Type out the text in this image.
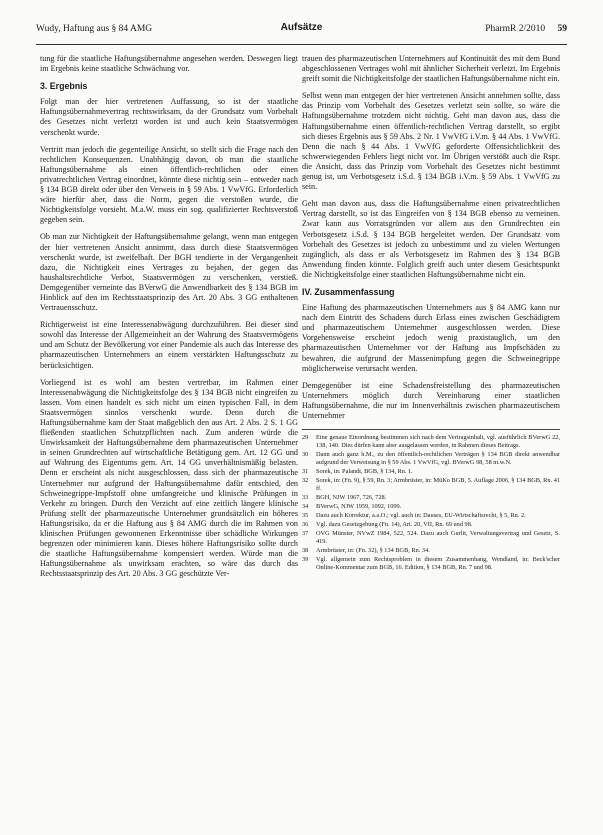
Wudy, Haftung aus § 84 AMG	Aufsätze	PharmR 2/2010 59

tung für die staatliche Haftungsübernahme angesehen werden. Deswegen liegt im Ergebnis keine staatliche Schwächung vor.

3. Ergebnis

Folgt man der hier vertretenen Auffassung, so ist der staatliche Haftungsübernahmevertrag rechtswirksam, da der Grundsatz vom Vorbehalt des Gesetzes nicht verletzt worden ist und auch kein Staatsvermögen verschenkt wurde.

Vertritt man jedoch die gegenteilige Ansicht, so stellt sich die Frage nach den rechtlichen Konsequenzen. Unabhängig davon, ob man die staatliche Haftungsübernahme als einen öffentlich-rechtlichen oder einen privatrechtlichen Vertrag einordnet, könnte diese nichtig sein – entweder nach § 134 BGB direkt oder über den Verweis in § 59 Abs. 1 VwVfG. Erforderlich wäre hierfür aber, dass die Norm, gegen die verstoßen wurde, die Nichtigkeitsfolge vorsieht. M.a.W. muss ein sog. qualifizierter Rechtsverstoß gegeben sein.

Ob man zur Nichtigkeit der Haftungsübernahme gelangt, wenn man entgegen der hier vertretenen Ansicht annimmt, dass durch diese Staatsvermögen verschenkt wurde, ist zweifelhaft. Der BGH tendierte in der Vergangenheit dazu, die Nichtigkeit eines Vertrages zu bejahen, der gegen das haushaltsrechtliche Verbot, Staatsvermögen zu verschenken, verstieß. Demgegenüber verneinte das BVerwG die Anwendbarkeit des § 134 BGB im Hinblick auf den im Rechtsstaatsprinzip des Art. 20 Abs. 3 GG enthaltenen Vertrauensschutz.

Richtigerweist ist eine Interessenabwägung durchzuführen. Bei dieser sind sowohl das Interesse der Allgemeinheit an der Wahrung des Staatsvermögens und am Schutz der Bevölkerung vor einer Pandemie als auch das Interesse des pharmazeutischen Unternehmers an einem verstärkten Haftungsschutz zu berücksichtigen.

Vorliegend ist es wohl am besten vertretbar, im Rahmen einer Interessenabwägung die Nichtigkeitsfolge des § 134 BGB nicht eingreifen zu lassen. Vom einen handelt es sich nicht um einen typischen Fall, in dem Staatsvermögen sinnlos verschenkt wurde. Denn durch die Haftungsübernahme kam der Staat maßgeblich den aus Art. 2 Abs. 2 S. 1 GG fließenden staatlichen Schutzpflichten nach. Zum anderen würde die Unwirksamkeit der Haftungsübernahme dem pharmazeutischen Unternehmer in seinen Grundrechten auf wirtschaftliche Betätigung gem. Art. 12 GG und auf Wahrung des Eigentums gem. Art. 14 GG unverhältnismäßig belasten. Denn er erscheint als nicht ausgeschlossen, dass sich der pharmazeutische Unternehmer nur aufgrund der Haftungsübernahme dafür entschied, den Schweinegrippe-Impfstoff ohne umfangreiche und klinische Prüfungen in Verkehr zu bringen. Durch den Verzicht auf eine zeitlich längere klinische Prüfung stellt der pharmazeutische Unternehmer grundsätzlich ein höheres Haftungsrisiko, da er die Haftung aus § 84 AMG durch die im Rahmen von klinischen Prüfungen gewonnenen Erkenntnisse über schädliche Wirkungen begrenzen oder minimieren kann. Dieses höhere Haftungsrisiko sollte durch die staatliche Haftungsübernahme kompensiert werden. Würde man die Haftungsübernahme als unwirksam erachten, so wäre das durch das Rechtsstaatsprinzip des Art. 20 Abs. 3 GG geschützte Ver-

trauen des pharmazeutischen Unternehmers auf Kontinuität des mit dem Bund abgeschlossenen Vertrages wohl mit ähnlicher Sicherheit verletzt. Im Ergebnis greift somit die Nichtigkeitsfolge der staatlichen Haftungsübernahme nicht ein.

Selbst wenn man entgegen der hier vertretenen Ansicht annehmen sollte, dass das Prinzip vom Vorbehalt des Gesetzes verletzt sein sollte, so wäre die Haftungsübernahme trotzdem nicht nichtig. Geht man davon aus, dass die Haftungsübernahme einen öffentlich-rechtlichen Vertrag darstellt, so ergibt sich dieses Ergebnis aus § 59 Abs. 2 Nr. 1 VwVfG i.V.m. § 44 Abs. 1 VwVfG. Denn die nach § 44 Abs. 1 VwVfG geforderte Offensichtlichkeit des schwerwiegenden Fehlers liegt nicht vor. Im Übrigen verstößt auch die Rspr. die Ansicht, dass das Prinzip vom Vorbehalt des Gesetzes nicht bestimmt genug ist, um Verbotsgesetz i.S.d. § 134 BGB i.V.m. § 59 Abs. 1 VwVfG zu sein.

Geht man davon aus, dass die Haftungsübernahme einen privatrechtlichen Vertrag darstellt, so ist das Eingreifen von § 134 BGB ebenso zu verneinen. Zwar kann aus Vorratsgründen vor allem aus den Grundrechten ein Verbotsgesetz i.S.d. § 134 BGB hergeleitet werden. Der Grundsatz vom Vorbehalt des Gesetzes ist jedoch zu unbestimmt und zu vielen Wertungen zugänglich, als dass er als Verbotsgesetz im Rahmen des § 134 BGB Anwendung finden könnte. Folglich greift auch unter diesem Gesichtspunkt die Nichtigkeitsfolge einer staatlichen Haftungsübernahme nicht ein.

IV. Zusammenfassung

Eine Haftung des pharmazeutischen Unternehmers aus § 84 AMG kann nur nach dem Eintritt des Schadens durch Erlass eines zwischen Geschädigtem und pharmazeutischem Unternehmer ausgeschlossen werden. Diese Vorgehensweise erscheint jedoch wenig praxistauglich, um den pharmazeutischen Unternehmer vor der Haftung aus Impfschäden zu bewahren, die aufgrund der Massenimpfung gegen die Schweinegrippe möglicherweise verursacht werden.

Demgegenüber ist eine Schadensfreistellung des pharmazeutischen Unternehmers möglich durch Vereinbarung einer staatlichen Haftungsübernahme, die nur im Innenverhältnis zwischen pharmazeutischem Unternehmer

29	Eine genaue Einordnung bestimmen sich nach dem Vertragsinhalt, vgl. ausführlich BVerwG 22, 138, 140. Dies dürfen kann aber ausgelassen werden, in Rahmen dieses Beitrags.
30	Dann auch ganz h.M., zu den öffentlich-rechtlichen Verträgen § 134 BGB direkt anwendbar aufgrund der Verweisung in § 59 Abs. 1 VwVfG, vgl. BVerwG 98, 58 m.w.N.
31	Sorek, in: Palandt, BGB, § 134, Rn. 1.
32	Sorek, in: (Fn. 9), § 59, Rn. 3; Armbrüster, in: MüKo BGB, 5. Auflage 2006, § 134 BGB, Rn. 41 ff.
33	BGH, NJW 1967, 726, 728.
34	BVerwG, NJW 1959, 1092, 1099.
35	Dazu auch Korrektur, a.a.O.; vgl. auch in: Dauses, EU-Wirtschaftsrecht, § 5, Rn. 2.
36	Vgl. dazu Gesetzgebung (Fn. 14), Art. 20, VII, Rn. 69 und 98.
37	OVG Münster, NVwZ 1984, 522, 524. Dazu auch Gurlit, Verwaltungsvertrag und Gesetz, S. 419.
38	Armbrüster, in: (Fn. 32), § 134 BGB, Rn. 34.
39	Vgl. allgemein zum Rechtsproblem in diesem Zusammenhang, Wendland, in: Beck'scher Online-Kommentar zum BGB, 16. Edition, § 134 BGB, Rn. 7 und 98.
